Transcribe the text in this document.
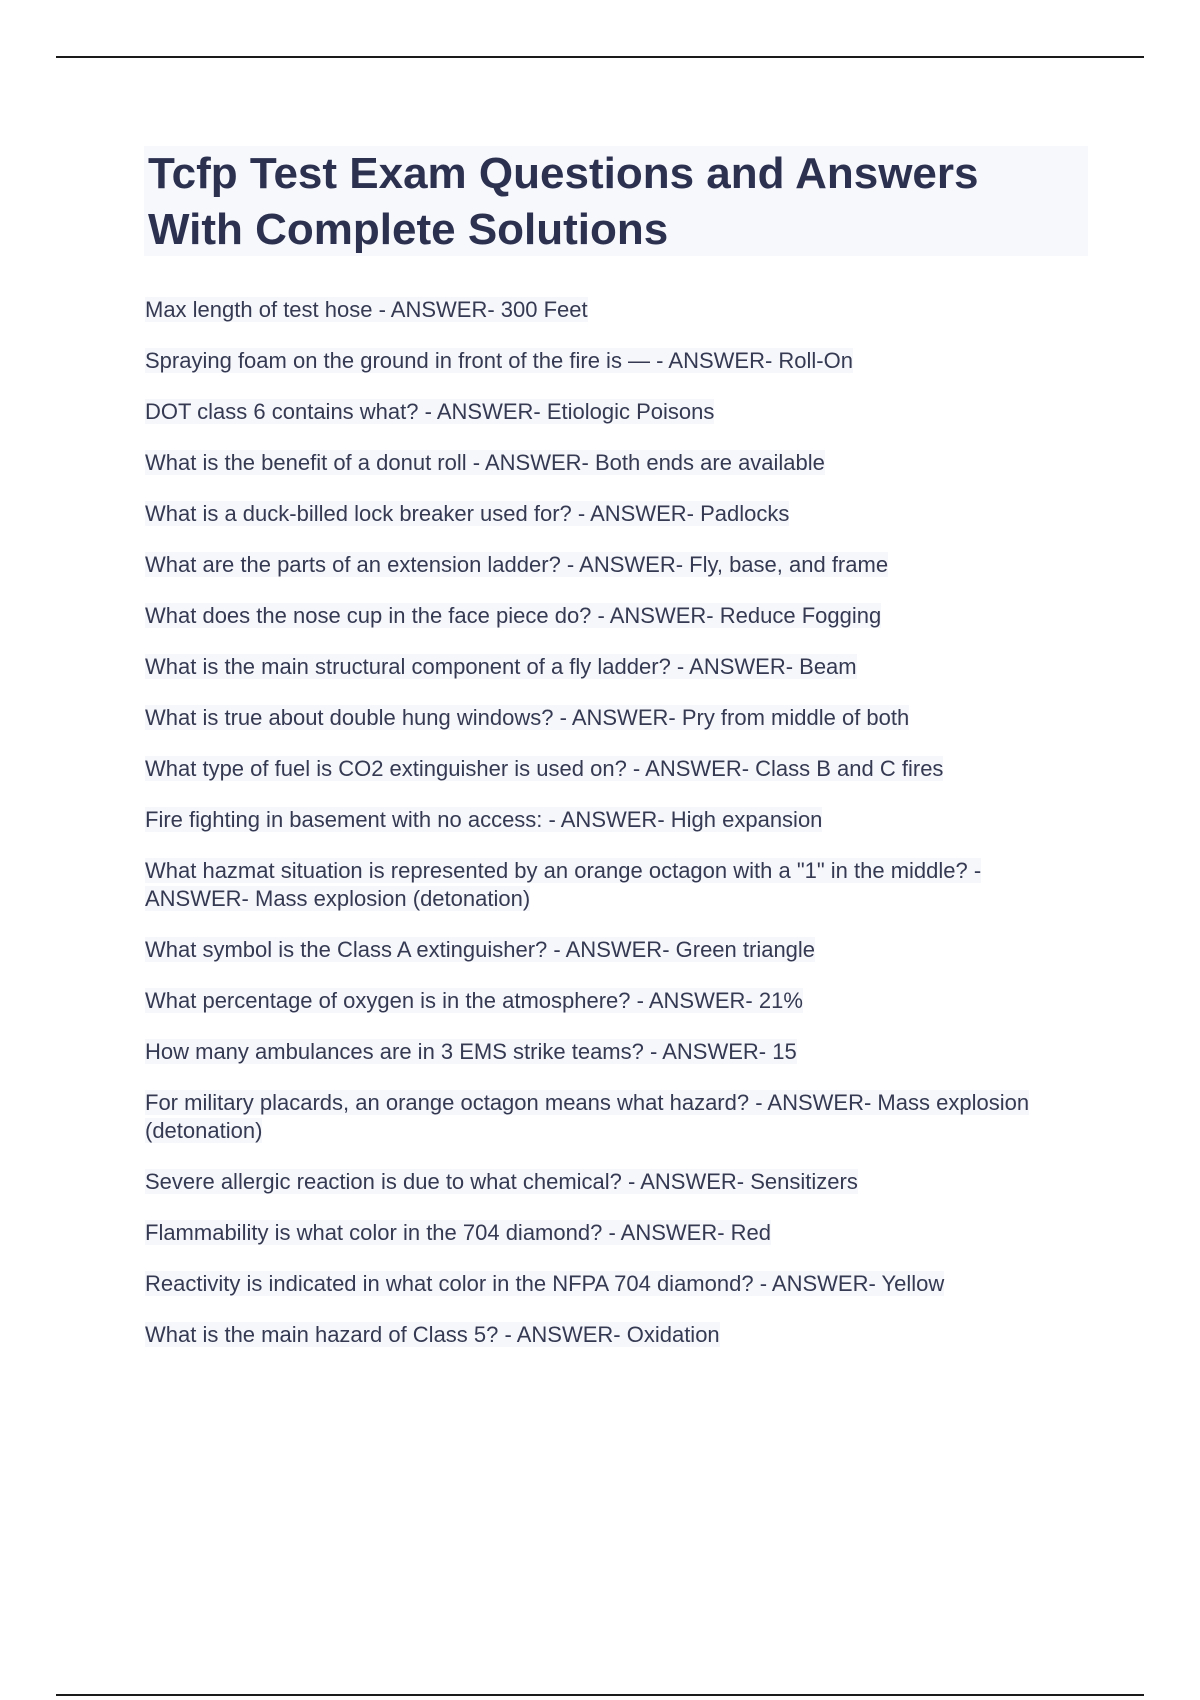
Tcfp Test Exam Questions and Answers With Complete Solutions
Max length of test hose - ANSWER- 300 Feet
Spraying foam on the ground in front of the fire is — - ANSWER- Roll-On
DOT class 6 contains what? - ANSWER- Etiologic Poisons
What is the benefit of a donut roll - ANSWER- Both ends are available
What is a duck-billed lock breaker used for? - ANSWER- Padlocks
What are the parts of an extension ladder? - ANSWER- Fly, base, and frame
What does the nose cup in the face piece do? - ANSWER- Reduce Fogging
What is the main structural component of a fly ladder? - ANSWER- Beam
What is true about double hung windows? - ANSWER- Pry from middle of both
What type of fuel is CO2 extinguisher is used on? - ANSWER- Class B and C fires
Fire fighting in basement with no access: - ANSWER- High expansion
What hazmat situation is represented by an orange octagon with a "1" in the middle? - ANSWER- Mass explosion (detonation)
What symbol is the Class A extinguisher? - ANSWER- Green triangle
What percentage of oxygen is in the atmosphere? - ANSWER- 21%
How many ambulances are in 3 EMS strike teams? - ANSWER- 15
For military placards, an orange octagon means what hazard? - ANSWER- Mass explosion (detonation)
Severe allergic reaction is due to what chemical? - ANSWER- Sensitizers
Flammability is what color in the 704 diamond? - ANSWER- Red
Reactivity is indicated in what color in the NFPA 704 diamond? - ANSWER- Yellow
What is the main hazard of Class 5? - ANSWER- Oxidation
